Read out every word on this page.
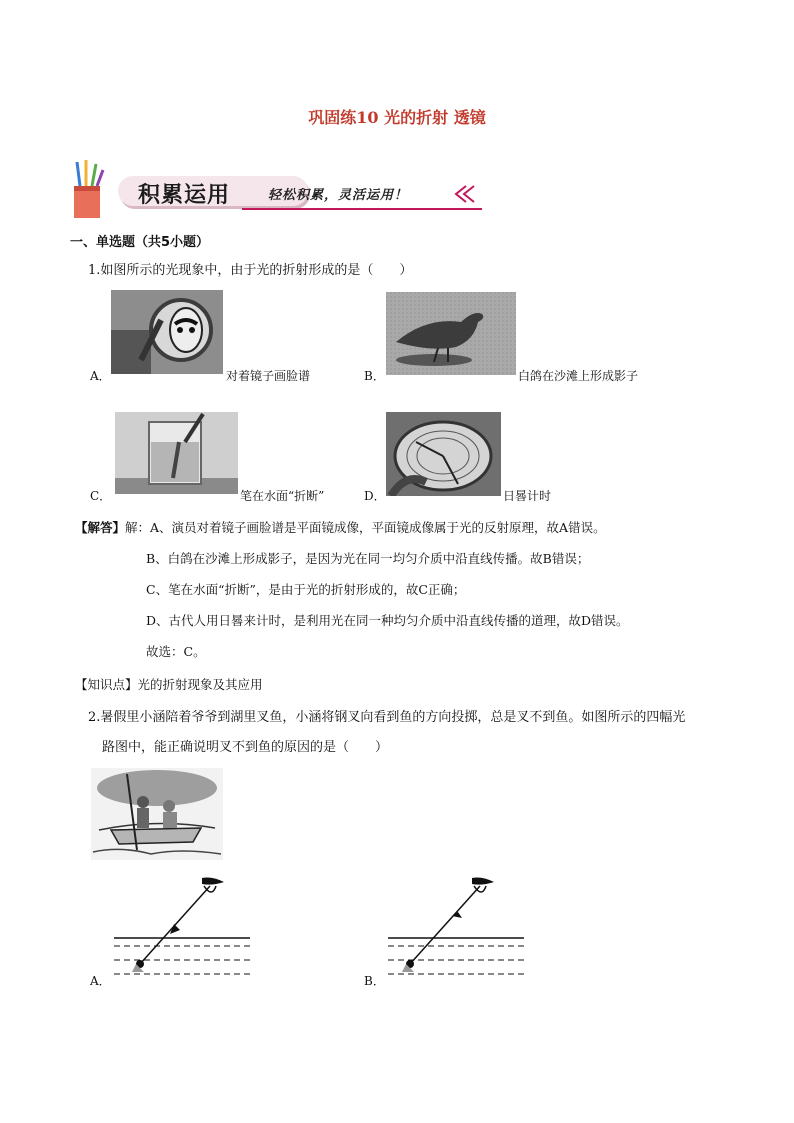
巩固练10 光的折射 透镜
积累运用	轻松积累，灵活运用！
一、单选题（共5小题）
1.如图所示的光现象中，由于光的折射形成的是（　　）
A．	对着镜子画脸谱	B．	白鸽在沙滩上形成影子
C．	笔在水面“折断”	D．	日晷计时
【解答】解：A、演员对着镜子画脸谱是平面镜成像，平面镜成像属于光的反射原理，故A错误。
B、白鸽在沙滩上形成影子，是因为光在同一均匀介质中沿直线传播。故B错误；
C、笔在水面“折断”，是由于光的折射形成的，故C正确；
D、古代人用日晷来计时，是利用光在同一种均匀介质中沿直线传播的道理，故D错误。
故选：C。
【知识点】光的折射现象及其应用
2.暑假里小涵陪着爷爷到湖里叉鱼，小涵将钢叉向看到鱼的方向投掷，总是叉不到鱼。如图所示的四幅光
路图中，能正确说明叉不到鱼的原因的是（　　）
A．	B．
